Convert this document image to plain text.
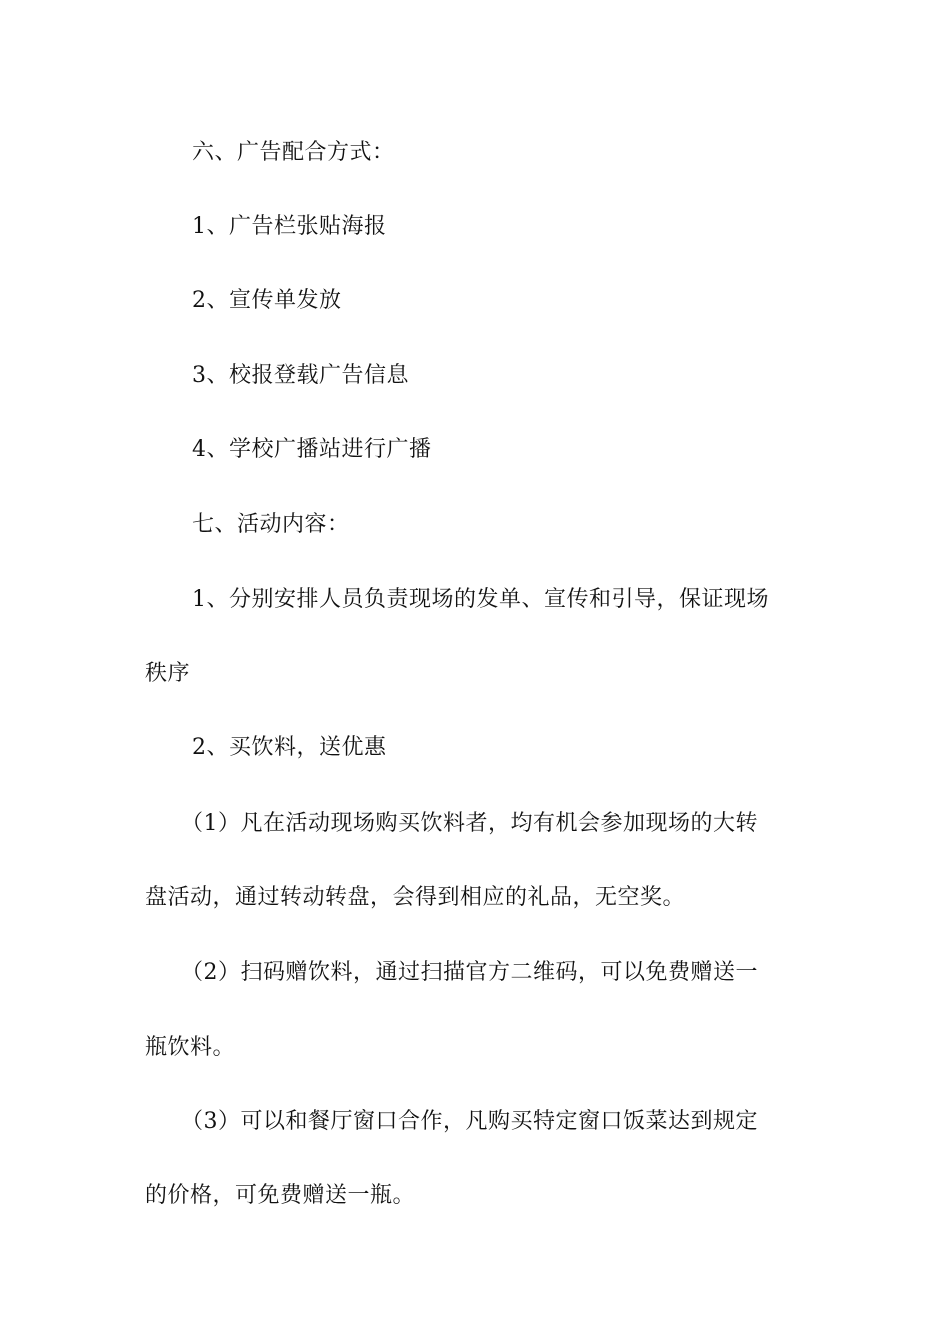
六、广告配合方式：
1、广告栏张贴海报
2、宣传单发放
3、校报登载广告信息
4、学校广播站进行广播
七、活动内容：
1、分别安排人员负责现场的发单、宣传和引导，保证现场
秩序
2、买饮料，送优惠
（1）凡在活动现场购买饮料者，均有机会参加现场的大转
盘活动，通过转动转盘，会得到相应的礼品，无空奖。
（2）扫码赠饮料，通过扫描官方二维码，可以免费赠送一
瓶饮料。
（3）可以和餐厅窗口合作，凡购买特定窗口饭菜达到规定
的价格，可免费赠送一瓶。
